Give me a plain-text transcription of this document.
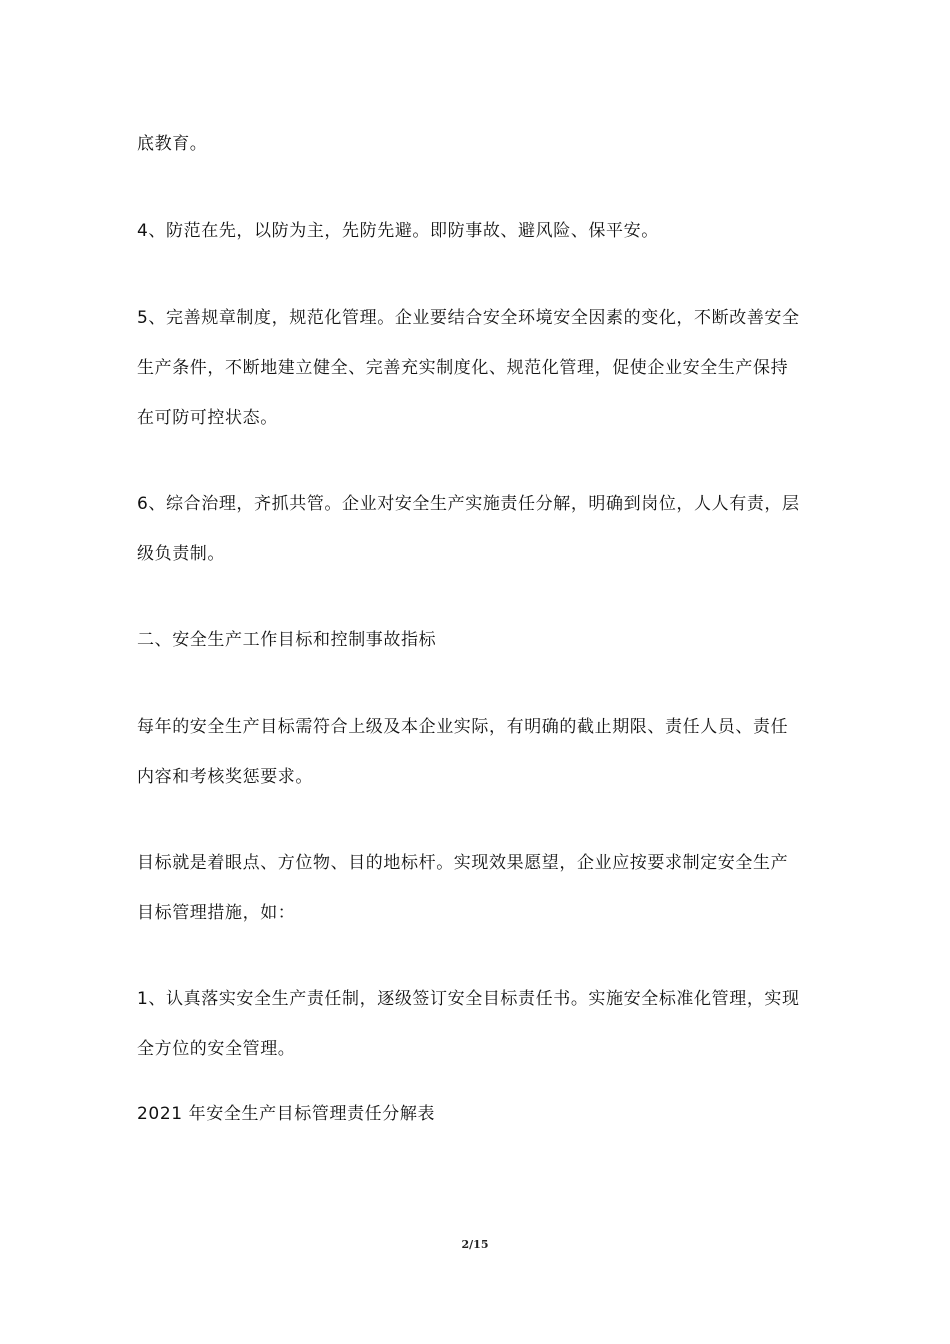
底教育。
4、防范在先，以防为主，先防先避。即防事故、避风险、保平安。
5、完善规章制度，规范化管理。企业要结合安全环境安全因素的变化，不断改善安全
生产条件，不断地建立健全、完善充实制度化、规范化管理，促使企业安全生产保持
在可防可控状态。
6、综合治理，齐抓共管。企业对安全生产实施责任分解，明确到岗位，人人有责，层
级负责制。
二、安全生产工作目标和控制事故指标
每年的安全生产目标需符合上级及本企业实际，有明确的截止期限、责任人员、责任
内容和考核奖惩要求。
目标就是着眼点、方位物、目的地标杆。实现效果愿望，企业应按要求制定安全生产
目标管理措施，如：
1、认真落实安全生产责任制，逐级签订安全目标责任书。实施安全标准化管理，实现
全方位的安全管理。
2021 年安全生产目标管理责任分解表
2/15
